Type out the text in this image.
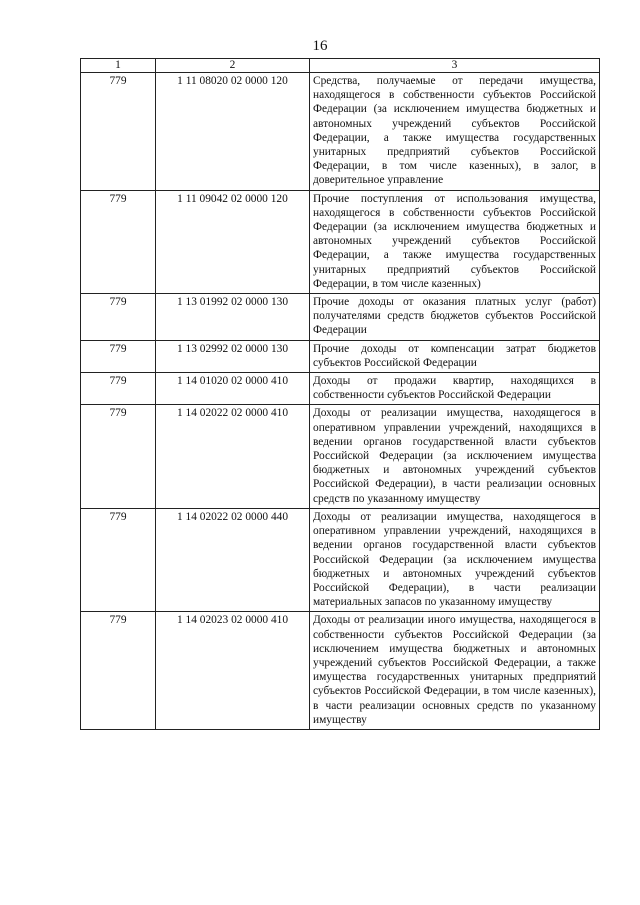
16
1	2	3
779	1 11 08020 02 0000 120	Средства, получаемые от передачи имущества, находящегося в собственности субъектов Российской Федерации (за исключением имущества бюджетных и автономных учреждений субъектов Российской Федерации, а также имущества государственных унитарных предприятий субъектов Российской Федерации, в том числе казенных), в залог, в доверительное управление
779	1 11 09042 02 0000 120	Прочие поступления от использования имущества, находящегося в собственности субъектов Российской Федерации (за исключением имущества бюджетных и автономных учреждений субъектов Российской Федерации, а также имущества государственных унитарных предприятий субъектов Российской Федерации, в том числе казенных)
779	1 13 01992 02 0000 130	Прочие доходы от оказания платных услуг (работ) получателями средств бюджетов субъектов Российской Федерации
779	1 13 02992 02 0000 130	Прочие доходы от компенсации затрат бюджетов субъектов Российской Федерации
779	1 14 01020 02 0000 410	Доходы от продажи квартир, находящихся в собственности субъектов Российской Федерации
779	1 14 02022 02 0000 410	Доходы от реализации имущества, находящегося в оперативном управлении учреждений, находящихся в ведении органов государственной власти субъектов Российской Федерации (за исключением имущества бюджетных и автономных учреждений субъектов Российской Федерации), в части реализации основных средств по указанному имуществу
779	1 14 02022 02 0000 440	Доходы от реализации имущества, находящегося в оперативном управлении учреждений, находящихся в ведении органов государственной власти субъектов Российской Федерации (за исключением имущества бюджетных и автономных учреждений субъектов Российской Федерации), в части реализации материальных запасов по указанному имуществу
779	1 14 02023 02 0000 410	Доходы от реализации иного имущества, находящегося в собственности субъектов Российской Федерации (за исключением имущества бюджетных и автономных учреждений субъектов Российской Федерации, а также имущества государственных унитарных предприятий субъектов Российской Федерации, в том числе казенных), в части реализации основных средств по указанному имуществу
